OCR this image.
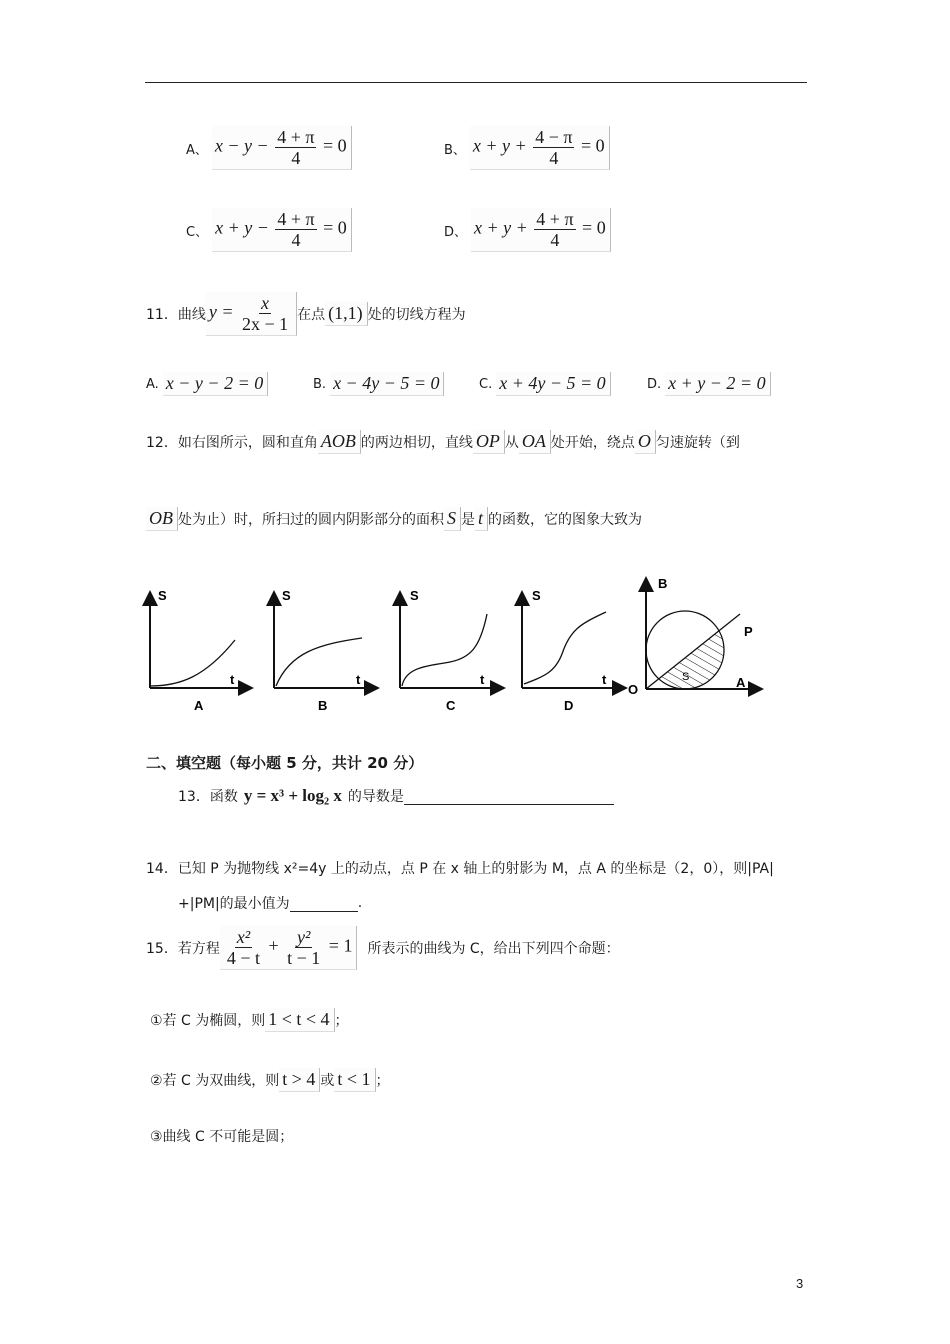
A、 $x - y - \frac{4 + \pi}{4} = 0$	B、 $x + y + \frac{4 - \pi}{4} = 0$
C、 $x + y - \frac{4 + \pi}{4} = 0$	D、 $x + y + \frac{4 + \pi}{4} = 0$
11．曲线 $y = \frac{x}{2x - 1}$ 在点 (1,1) 处的切线方程为
A. x − y − 2 = 0	B. x − 4y − 5 = 0	C. x + 4y − 5 = 0	D. x + y − 2 = 0
12．如右图所示，圆和直角 AOB 的两边相切，直线 OP 从 OA 处开始，绕点 O 匀速旋转（到
OB 处为止）时，所扫过的圆内阴影部分的面积 S 是 t 的函数，它的图象大致为
S
t
A
S
t
B
S
t
C
S
t
D
B
P
O	A
S
二、填空题（每小题 5 分，共计 20 分）
13．函数 y = x³ + log₂ x 的导数是
14．已知 P 为抛物线 x²=4y 上的动点，点 P 在 x 轴上的射影为 M，点 A 的坐标是（2，0），则|PA|
+|PM|的最小值为	.
15．若方程 $\frac{\text{x²}}{4 - t} + \frac{\text{y²}}{t - 1} = 1$	所表示的曲线为 C，给出下列四个命题：
①若 C 为椭圆，则 1 < t < 4 ；
②若 C 为双曲线，则 t > 4 或 t < 1 ；
③曲线 C 不可能是圆；
3
